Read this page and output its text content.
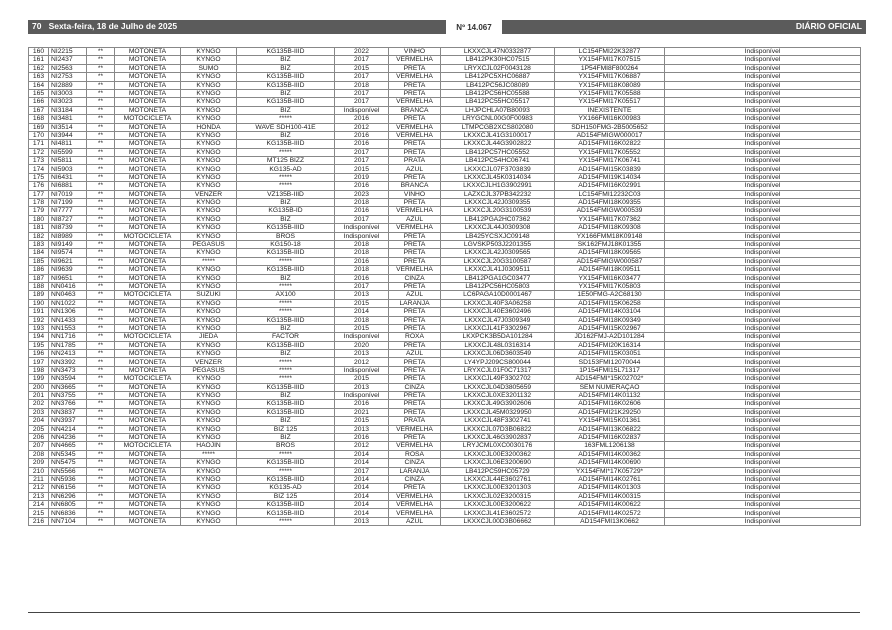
70 Sexta-feira, 18 de Julho de 2025	Nº 14.067	DIÁRIO OFICIAL
160	NI2215	**	MOTONETA	KYNGO	KG135B-IIID	2022	VINHO	LKXXCJL47N0332877	LC154FMI22K32877	Indisponível
161	NI2437	**	MOTONETA	KYNGO	BIZ	2017	VERMELHA	LB412PK30HC07515	YX154FMI17K07515	Indisponível
162	NI2563	**	MOTONETA	SUMO	BIZ	2015	PRETA	LRYXCJL02F0043128	1P54FMI8F800264	Indisponível
163	NI2753	**	MOTONETA	KYNGO	KG135B-IIID	2017	VERMELHA	LB412PC5XHC06887	YX154FMI17K06887	Indisponível
164	NI2889	**	MOTONETA	KYNGO	KG135B-IIID	2018	PRETA	LB412PC56JC08089	YX154FMI18K08089	Indisponível
165	NI3003	**	MOTONETA	KYNGO	BIZ	2017	PRETA	LB412PC56HC05588	YX154FMI17K05588	Indisponível
166	NI3023	**	MOTONETA	KYNGO	KG135B-IIID	2017	VERMELHA	LB412PC55HC05517	YX154FMI17K05517	Indisponível
167	NI3184	**	MOTONETA	KYNGO	BIZ	Indisponível	BRANCA	LHJPCHLA07B80093	INEXISTENTE	Indisponível
168	NI3481	**	MOTOCICLETA	KYNGO	*****	2016	PRETA	LRYGCNL00G0F00983	YX166FMI16K00983	Indisponível
169	NI3514	**	MOTONETA	HONDA	WAVE SDH100-41E	2012	VERMELHA	LTMPCGB2XCS802080	SDH150FMG-2B5005652	Indisponível
170	NI3944	**	MOTONETA	KYNGO	BIZ	2016	VERMELHA	LKXXCJL41G3100017	AD154FMIGW000017	Indisponível
171	NI4811	**	MOTONETA	KYNGO	KG135B-IIID	2016	PRETA	LKXXCJL44G3902822	AD154FMI16K02822	Indisponível
172	NI5599	**	MOTONETA	KYNGO	*****	2017	PRETA	LB412PC57HC05552	YX154FMI17K05552	Indisponível
173	NI5811	**	MOTONETA	KYNGO	MT125 BIZZ	2017	PRATA	LB412PC54HC06741	YX154FMI17K06741	Indisponível
174	NI5903	**	MOTONETA	KYNGO	KG135-AD	2015	AZUL	LKXXCJL07F3703839	AD154FMI15K03839	Indisponível
175	NI6431	**	MOTONETA	KYNGO	*****	2019	PRETA	LKXXCJL45K0314034	AD154FMI19K14034	Indisponível
176	NI6881	**	MOTONETA	KYNGO	*****	2016	BRANCA	LKXXCJLH1G3902991	AD154FMI16K02991	Indisponível
177	NI7019	**	MOTONETA	VENZER	VZ135B-IIID	2023	VINHO	LAZXCJL37PB342232	LC154FMI12232C03	Indisponível
178	NI7199	**	MOTONETA	KYNGO	BIZ	2018	PRETA	LKXXCJL42J0309355	AD154FMI18K09355	Indisponível
179	NI7777	**	MOTONETA	KYNGO	KG135B-ID	2016	VERMELHA	LKXXCJL20G3100539	AD154FMIGW000539	Indisponível
180	NI8727	**	MOTONETA	KYNGO	BIZ	2017	AZUL	LB412PGA2HC07362	YX154FMI17K07362	Indisponível
181	NI8739	**	MOTONETA	KYNGO	KG135B-IIID	Indisponível	VERMELHA	LKXXCJL44J0309308	AD154FMI18K09308	Indisponível
182	NI8989	**	MOTOCICLETA	KYNGO	BROS	Indisponível	PRETA	LB425YCSXJC09148	YX166FMM18K09148	Indisponível
183	NI9149	**	MOTONETA	PEGASUS	KG150-18	2018	PRETA	LGVSKP503J2201355	SK162FMJ18K01355	Indisponível
184	NI9574	**	MOTONETA	KYNGO	KG135B-IIID	2018	PRETA	LKXXCJL42J0309565	AD154FMI18K09565	Indisponível
185	NI9621	**	MOTONETA	*****	*****	2016	PRETA	LKXXCJL20G3100587	AD154FMIGW000587	Indisponível
186	NI9639	**	MOTONETA	KYNGO	KG135B-IIID	2018	VERMELHA	LKXXCJL41J0309511	AD154FMI18K09511	Indisponível
187	NI9651	**	MOTONETA	KYNGO	BIZ	2016	CINZA	LB412PGA1GC03477	YX154FMI16K03477	Indisponível
188	NN0416	**	MOTONETA	KYNGO	*****	2017	PRETA	LB412PC56HC05803	YX154FMI17K05803	Indisponível
189	NN0463	**	MOTOCICLETA	SUZUKI	AX100	2013	AZUL	LC6PAGA10D0001467	1E50FMG-A2C68130	Indisponível
190	NN1022	**	MOTONETA	KYNGO	*****	2015	LARANJA	LKXXCJL40F3A06258	AD154FMI15K06258	Indisponível
191	NN1306	**	MOTONETA	KYNGO	*****	2014	PRETA	LKXXCJL40E3602496	AD154FMI14K03104	Indisponível
192	NN1433	**	MOTONETA	KYNGO	KG135B-IIID	2018	PRETA	LKXXCJL47J0309349	AD154FMI18K09349	Indisponível
193	NN1553	**	MOTONETA	KYNGO	BIZ	2015	PRETA	LKXXCJL41F3302967	AD154FMI15K02967	Indisponível
194	NN1716	**	MOTOCICLETA	JIEDA	FACTOR	Indisponível	ROXA	LKXPCK3B5DA101284	JD162FMJ-A2D101284	Indisponível
195	NN1785	**	MOTONETA	KYNGO	KG135B-IIID	2020	PRETA	LKXXCJL48L0316314	AD154FMI20K16314	Indisponível
196	NN2413	**	MOTONETA	KYNGO	BIZ	2013	AZUL	LKXXCJL06D3603549	AD154FMI15K03051	Indisponível
197	NN3392	**	MOTONETA	VENZER	*****	2012	PRETA	LY4YPJ209CS800044	SD153FMI12070044	Indisponível
198	NN3473	**	MOTONETA	PEGASUS	*****	Indisponível	PRETA	LRYXCJL01F0C71317	1P154FMI15L71317	Indisponível
199	NN3594	**	MOTOCICLETA	KYNGO	*****	2015	PRETA	LKXXCJL49F3302702	AD154FMI*15K02702*	Indisponível
200	NN3665	**	MOTONETA	KYNGO	KG135B-IIID	2013	CINZA	LKXXCJL04D3805659	SEM NUMERAÇÃO	Indisponível
201	NN3755	**	MOTONETA	KYNGO	BIZ	Indisponível	PRETA	LKXXCJL0XE3201132	AD154FMI14K01132	Indisponível
202	NN3766	**	MOTONETA	KYNGO	KG135B-IIID	2016	PRETA	LKXXCJL49G3902606	AD154FMI16K02606	Indisponível
203	NN3837	**	MOTONETA	KYNGO	KG135B-IIID	2021	PRETA	LKXXCJL45M0329950	AD154FMI21K29250	Indisponível
204	NN3937	**	MOTONETA	KYNGO	BIZ	2015	PRATA	LKXXCJL48F3302741	YX154FMI15K01361	Indisponível
205	NN4214	**	MOTONETA	KYNGO	BIZ 125	2013	VERMELHA	LKXXCJL07D3B06822	AD154FMI13K06822	Indisponível
206	NN4236	**	MOTONETA	KYNGO	BIZ	2016	PRETA	LKXXCJL46G3902837	AD154FMI16K02837	Indisponível
207	NN4665	**	MOTOCICLETA	HAOJIN	BROS	2012	VERMELHA	LRYJCML0XC0030176	163FML1206138	Indisponível
208	NN5345	**	MOTONETA	*****	*****	2014	ROSA	LKXXCJL00E3200362	AD154FMI14K00362	Indisponível
209	NN5475	**	MOTONETA	KYNGO	KG135B-IIID	2014	CINZA	LKXXCJL06E3200690	AD154FMI14K00690	Indisponível
210	NN5566	**	MOTONETA	KYNGO	*****	2017	LARANJA	LB412PC59HC05729	YX154FMI*17K05729*	Indisponível
211	NN5936	**	MOTONETA	KYNGO	KG135B-IIID	2014	CINZA	LKXXCJL44E3602761	AD154FMI14K02761	Indisponível
212	NN6156	**	MOTONETA	KYNGO	KG135-AD	2014	PRETA	LKXXCJL00E3201303	AD154FMI14K01303	Indisponível
213	NN6296	**	MOTONETA	KYNGO	BIZ 125	2014	VERMELHA	LKXXCJL02E3200315	AD154FMI14K00315	Indisponível
214	NN6805	**	MOTONETA	KYNGO	KG135B-IIID	2014	VERMELHA	LKXXCJL00E3200622	AD154FMI14K00622	Indisponível
215	NN6836	**	MOTONETA	KYNGO	KG135B-IIID	2014	VERMELHA	LKXXCJL41E3602572	AD154FMI14K02572	Indisponível
216	NN7104	**	MOTONETA	KYNGO	*****	2013	AZUL	LKXXCJL00D3B06662	AD154FMI13K0662	Indisponível
